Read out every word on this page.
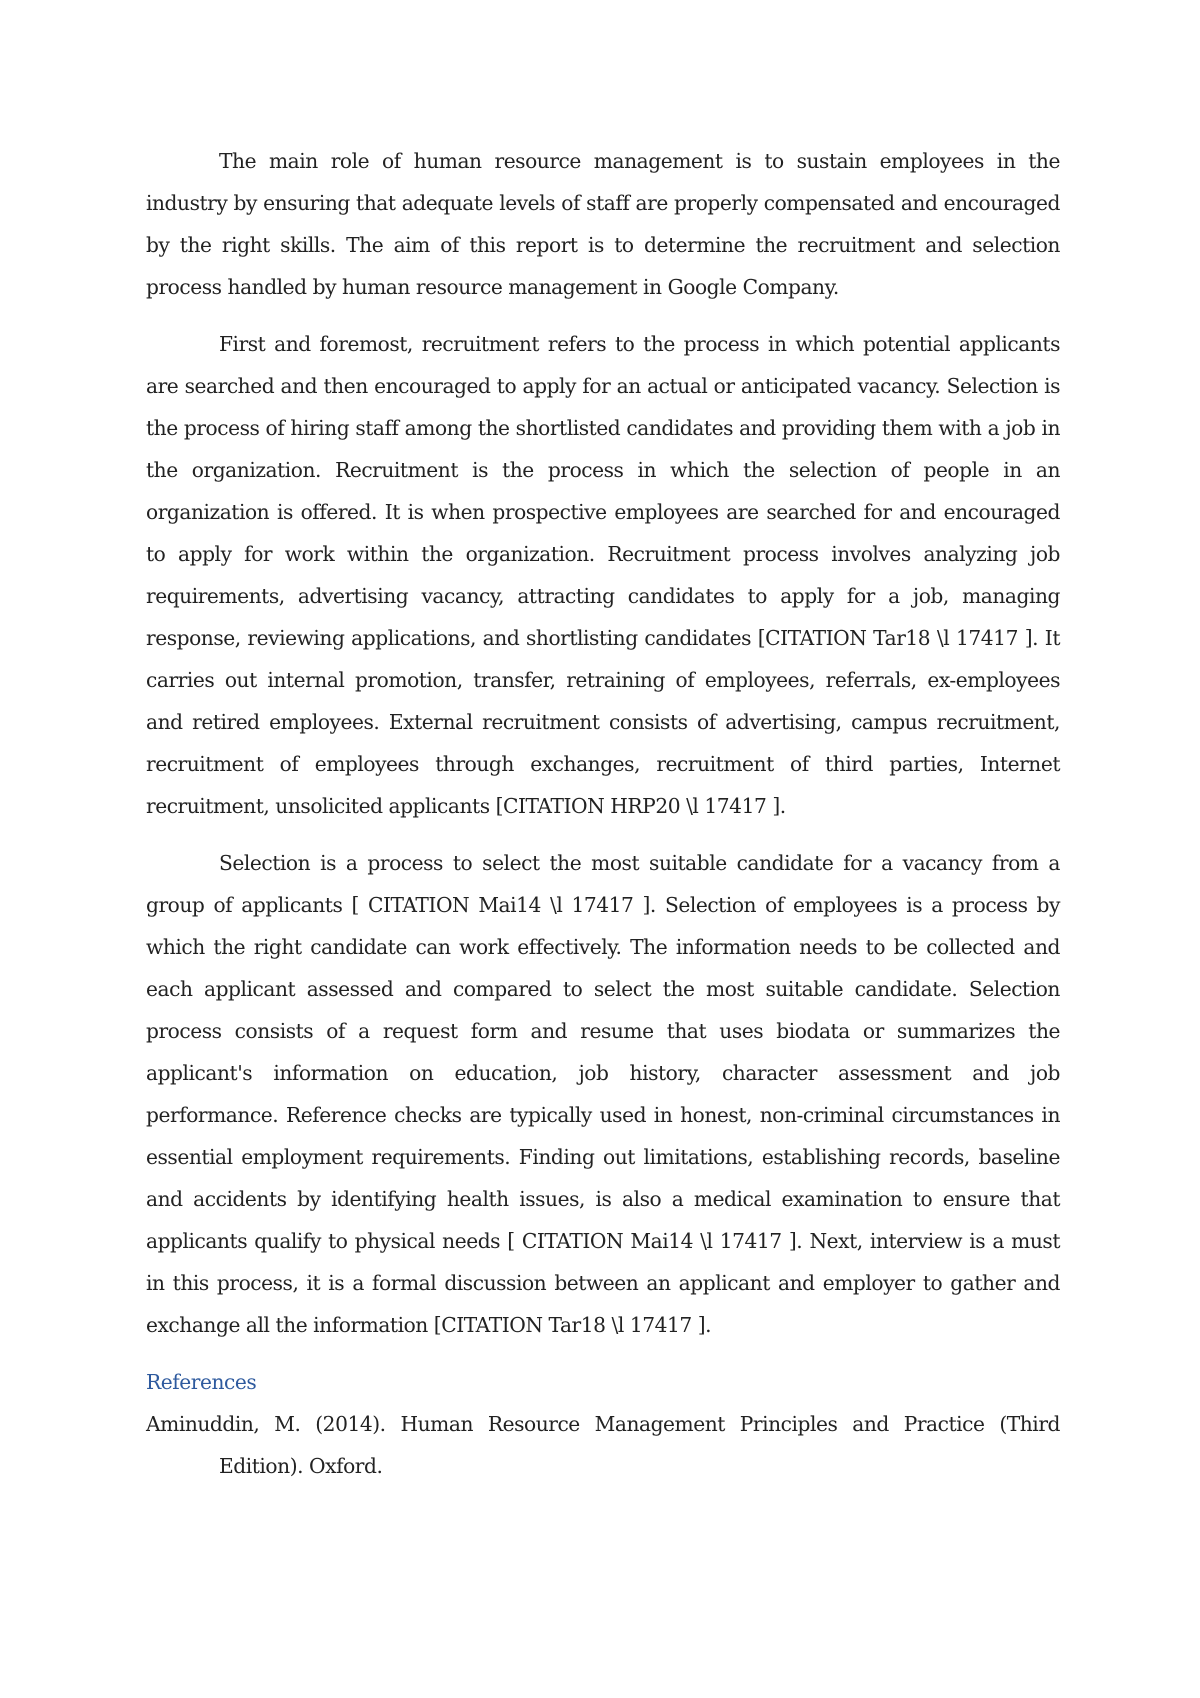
The main role of human resource management is to sustain employees in the industry by ensuring that adequate levels of staff are properly compensated and encouraged by the right skills. The aim of this report is to determine the recruitment and selection process handled by human resource management in Google Company.

First and foremost, recruitment refers to the process in which potential applicants are searched and then encouraged to apply for an actual or anticipated vacancy. Selection is the process of hiring staff among the shortlisted candidates and providing them with a job in the organization. Recruitment is the process in which the selection of people in an organization is offered. It is when prospective employees are searched for and encouraged to apply for work within the organization. Recruitment process involves analyzing job requirements, advertising vacancy, attracting candidates to apply for a job, managing response, reviewing applications, and shortlisting candidates [CITATION Tar18 \l 17417 ]. It carries out internal promotion, transfer, retraining of employees, referrals, ex-employees and retired employees. External recruitment consists of advertising, campus recruitment, recruitment of employees through exchanges, recruitment of third parties, Internet recruitment, unsolicited applicants [CITATION HRP20 \l 17417 ].

Selection is a process to select the most suitable candidate for a vacancy from a group of applicants [ CITATION Mai14 \l 17417 ]. Selection of employees is a process by which the right candidate can work effectively. The information needs to be collected and each applicant assessed and compared to select the most suitable candidate. Selection process consists of a request form and resume that uses biodata or summarizes the applicant's information on education, job history, character assessment and job performance. Reference checks are typically used in honest, non-criminal circumstances in essential employment requirements. Finding out limitations, establishing records, baseline and accidents by identifying health issues, is also a medical examination to ensure that applicants qualify to physical needs [ CITATION Mai14 \l 17417 ]. Next, interview is a must in this process, it is a formal discussion between an applicant and employer to gather and exchange all the information [CITATION Tar18 \l 17417 ].

References

Aminuddin, M. (2014). Human Resource Management Principles and Practice (Third Edition). Oxford.
